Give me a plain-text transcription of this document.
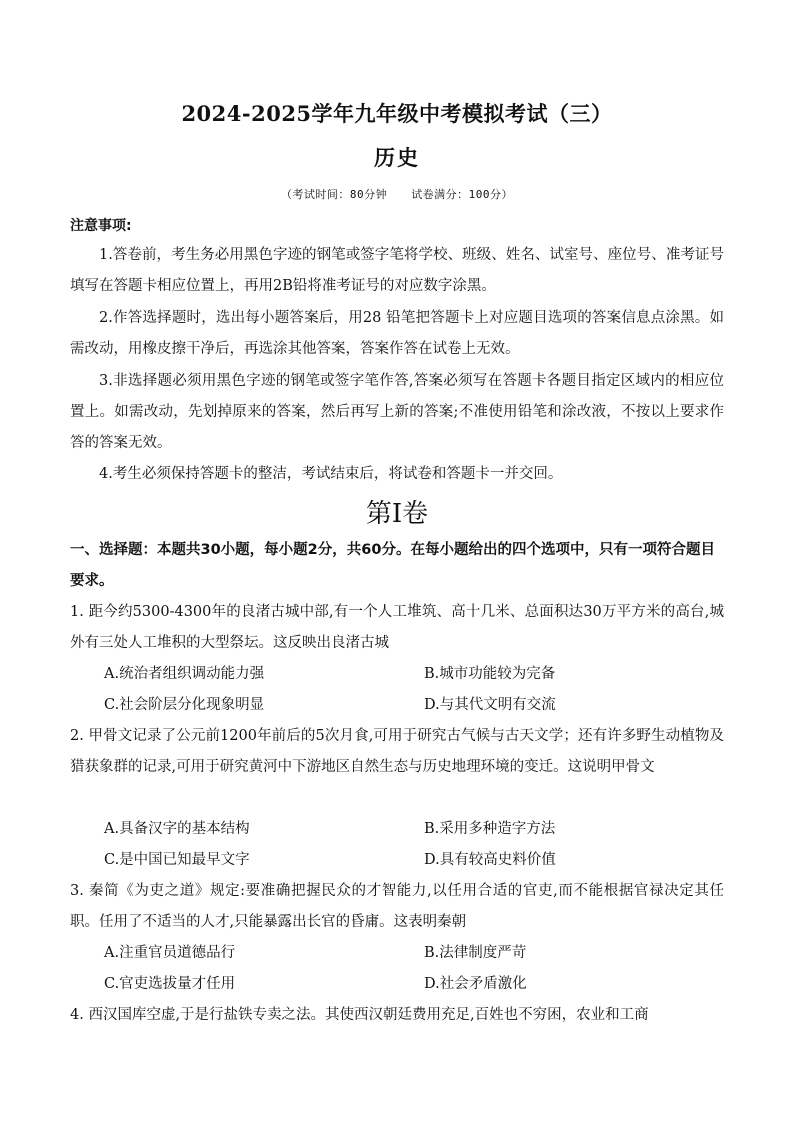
2024-2025学年九年级中考模拟考试（三）
历史
（考试时间：80分钟 试卷满分：100分）
注意事项:
1.答卷前，考生务必用黑色字迹的钢笔或签字笔将学校、班级、姓名、试室号、座位号、准考证号填写在答题卡相应位置上，再用2B铅将准考证号的对应数字涂黑。
2.作答选择题时，选出每小题答案后，用28 铅笔把答题卡上对应题目选项的答案信息点涂黑。如需改动，用橡皮擦干净后，再选涂其他答案，答案作答在试卷上无效。
3.非选择题必须用黑色字迹的钢笔或签字笔作答,答案必须写在答题卡各题目指定区域内的相应位置上。如需改动，先划掉原来的答案，然后再写上新的答案;不准使用铅笔和涂改液，不按以上要求作答的答案无效。
4.考生必须保持答题卡的整洁，考试结束后，将试卷和答题卡一并交回。
第Ⅰ卷
一、选择题：本题共30小题，每小题2分，共60分。在每小题给出的四个选项中，只有一项符合题目要求。
1. 距今约5300-4300年的良渚古城中部,有一个人工堆筑、高十几米、总面积达30万平方米的高台,城外有三处人工堆积的大型祭坛。这反映出良渚古城
A.统治者组织调动能力强	B.城市功能较为完备
C.社会阶层分化现象明显	D.与其代文明有交流
2. 甲骨文记录了公元前1200年前后的5次月食,可用于研究古气候与古天文学；还有许多野生动植物及猎获象群的记录,可用于研究黄河中下游地区自然生态与历史地理环境的变迁。这说明甲骨文
A.具备汉字的基本结构	B.采用多种造字方法
C.是中国已知最早文字	D.具有较高史料价值
3. 秦简《为吏之道》规定:要准确把握民众的才智能力,以任用合适的官吏,而不能根据官禄决定其任职。任用了不适当的人才,只能暴露出长官的昏庸。这表明秦朝
A.注重官员道德品行	B.法律制度严苛
C.官吏选拔量才任用	D.社会矛盾激化
4. 西汉国库空虚,于是行盐铁专卖之法。其使西汉朝廷费用充足,百姓也不穷困，农业和工商
